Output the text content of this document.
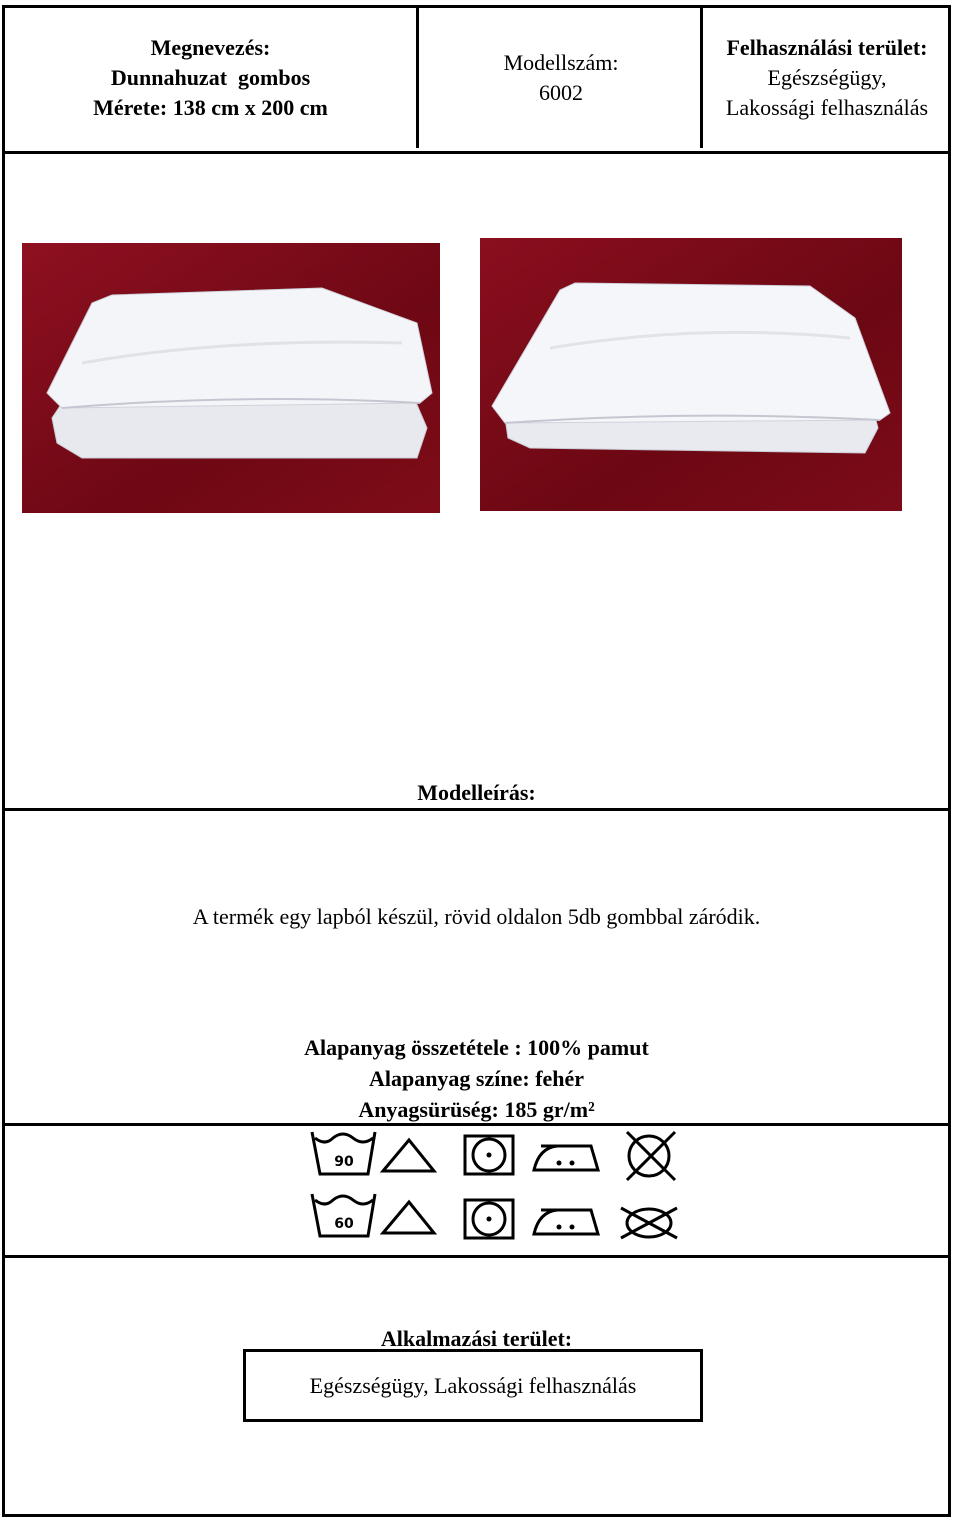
Megnevezés:
Dunnahuzat  gombos
Mérete: 138 cm x 200 cm
Modellszám:
6002
Felhasználási terület:
Egészségügy,
Lakossági felhasználás
Modelleírás:
A termék egy lapból készül, rövid oldalon 5db gombbal záródik.
Alapanyag összetétele : 100% pamut
Alapanyag színe: fehér
Anyagsürüség: 185 gr/m²
90
60
Alkalmazási terület:
Egészségügy, Lakossági felhasználás
